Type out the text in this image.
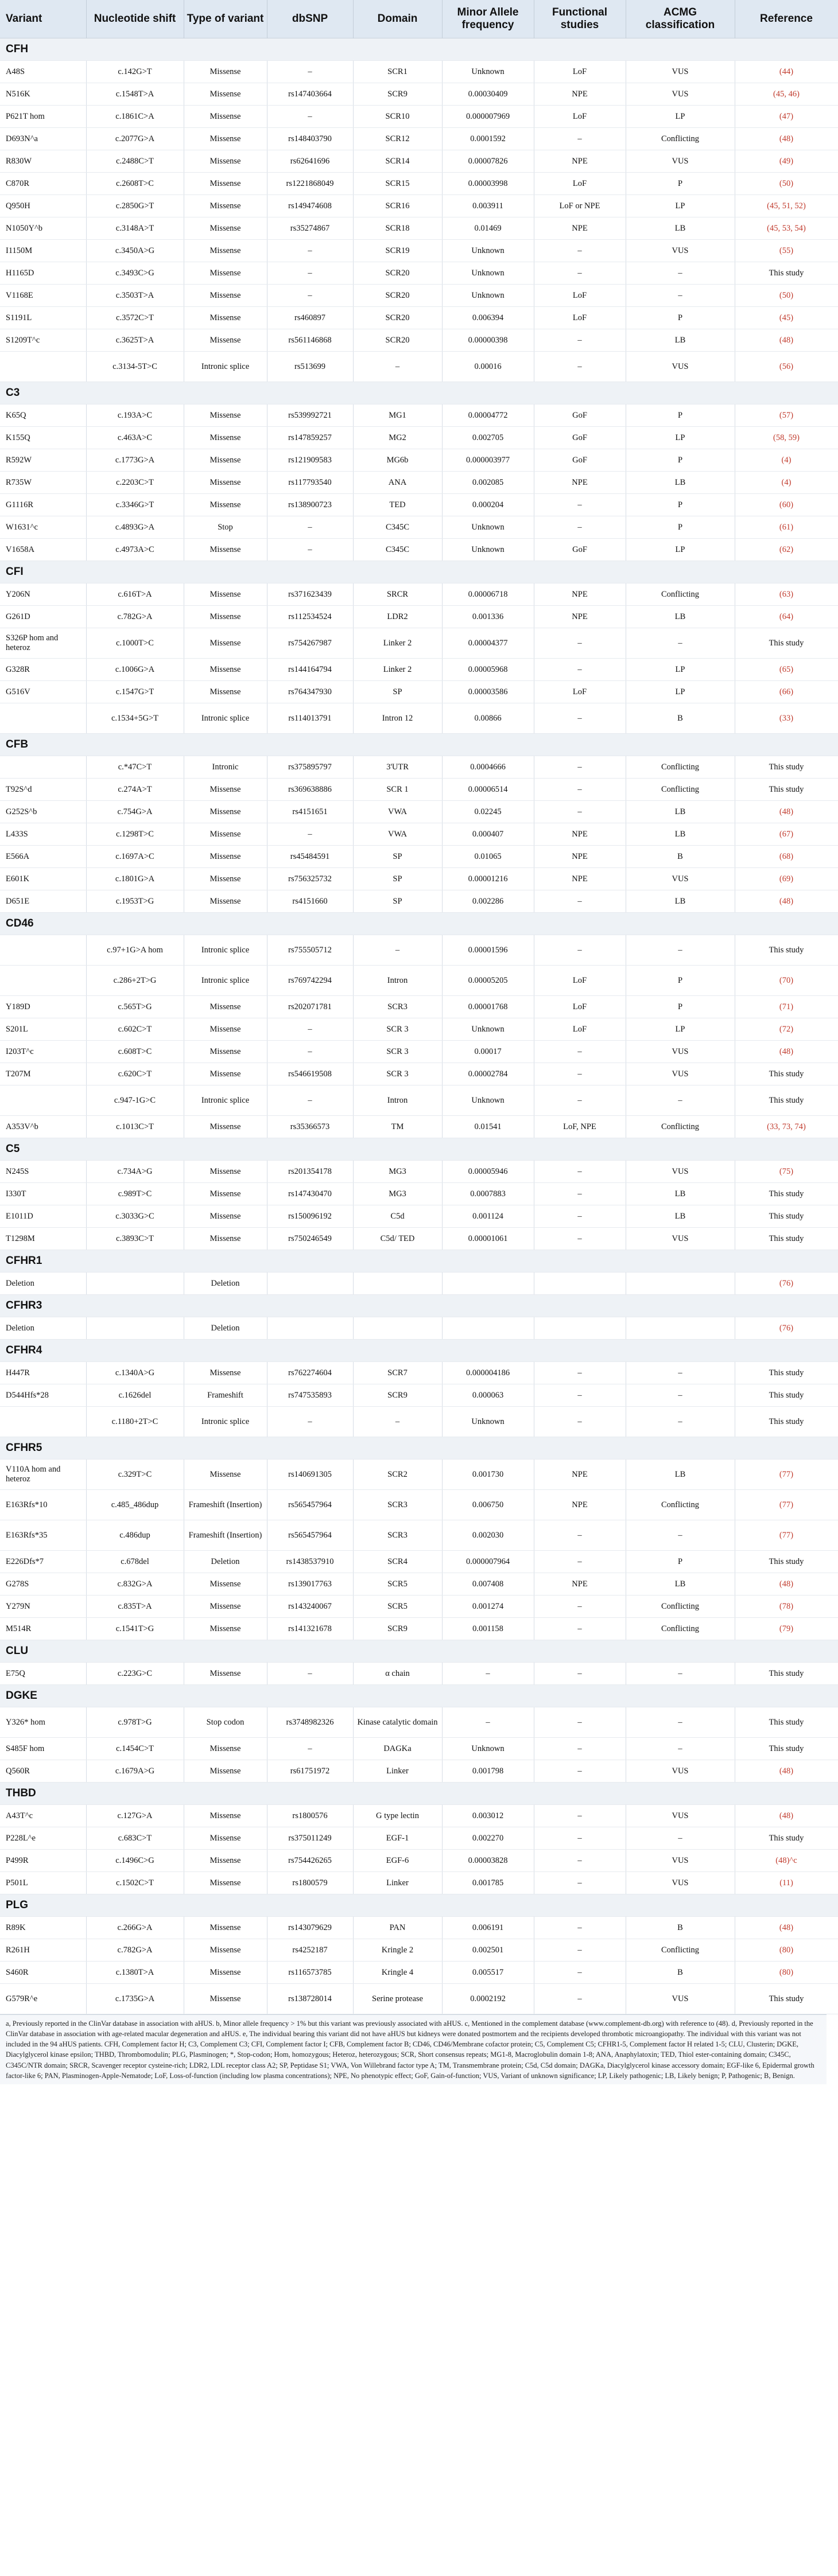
Variant	Nucleotide shift	Type of variant	dbSNP	Domain	Minor Allele frequency	Functional studies	ACMG classification	Reference
CFH								
A48S	c.142G>T	Missense	–	SCR1	Unknown	LoF	VUS	(44)
N516K	c.1548T>A	Missense	rs147403664	SCR9	0.00030409	NPE	VUS	(45, 46)
P621T hom	c.1861C>A	Missense	–	SCR10	0.000007969	LoF	LP	(47)
D693N^a	c.2077G>A	Missense	rs148403790	SCR12	0.0001592	–	Conflicting	(48)
R830W	c.2488C>T	Missense	rs62641696	SCR14	0.00007826	NPE	VUS	(49)
C870R	c.2608T>C	Missense	rs1221868049	SCR15	0.00003998	LoF	P	(50)
Q950H	c.2850G>T	Missense	rs149474608	SCR16	0.003911	LoF or NPE	LP	(45, 51, 52)
N1050Y^b	c.3148A>T	Missense	rs35274867	SCR18	0.01469	NPE	LB	(45, 53, 54)
I1150M	c.3450A>G	Missense	–	SCR19	Unknown	–	VUS	(55)
H1165D	c.3493C>G	Missense	–	SCR20	Unknown	–	–	This study
V1168E	c.3503T>A	Missense	–	SCR20	Unknown	LoF	–	(50)
S1191L	c.3572C>T	Missense	rs460897	SCR20	0.006394	LoF	P	(45)
S1209T^c	c.3625T>A	Missense	rs561146868	SCR20	0.00000398	–	LB	(48)
	c.3134-5T>C	Intronic splice	rs513699	–	0.00016	–	VUS	(56)
C3								
K65Q	c.193A>C	Missense	rs539992721	MG1	0.00004772	GoF	P	(57)
K155Q	c.463A>C	Missense	rs147859257	MG2	0.002705	GoF	LP	(58, 59)
R592W	c.1773G>A	Missense	rs121909583	MG6b	0.000003977	GoF	P	(4)
R735W	c.2203C>T	Missense	rs117793540	ANA	0.002085	NPE	LB	(4)
G1116R	c.3346G>T	Missense	rs138900723	TED	0.000204	–	P	(60)
W1631^c	c.4893G>A	Stop	–	C345C	Unknown	–	P	(61)
V1658A	c.4973A>C	Missense	–	C345C	Unknown	GoF	LP	(62)
CFI								
Y206N	c.616T>A	Missense	rs371623439	SRCR	0.00006718	NPE	Conflicting	(63)
G261D	c.782G>A	Missense	rs112534524	LDR2	0.001336	NPE	LB	(64)
S326P hom and heteroz	c.1000T>C	Missense	rs754267987	Linker 2	0.00004377	–	–	This study
G328R	c.1006G>A	Missense	rs144164794	Linker 2	0.00005968	–	LP	(65)
G516V	c.1547G>T	Missense	rs764347930	SP	0.00003586	LoF	LP	(66)
	c.1534+5G>T	Intronic splice	rs114013791	Intron 12	0.00866	–	B	(33)
CFB								
	c.*47C>T	Intronic	rs375895797	3'UTR	0.0004666	–	Conflicting	This study
T92S^d	c.274A>T	Missense	rs369638886	SCR 1	0.00006514	–	Conflicting	This study
G252S^b	c.754G>A	Missense	rs4151651	VWA	0.02245	–	LB	(48)
L433S	c.1298T>C	Missense	–	VWA	0.000407	NPE	LB	(67)
E566A	c.1697A>C	Missense	rs45484591	SP	0.01065	NPE	B	(68)
E601K	c.1801G>A	Missense	rs756325732	SP	0.00001216	NPE	VUS	(69)
D651E	c.1953T>G	Missense	rs4151660	SP	0.002286	–	LB	(48)
CD46								
	c.97+1G>A hom	Intronic splice	rs755505712	–	0.00001596	–	–	This study
	c.286+2T>G	Intronic splice	rs769742294	Intron	0.00005205	LoF	P	(70)
Y189D	c.565T>G	Missense	rs202071781	SCR3	0.00001768	LoF	P	(71)
S201L	c.602C>T	Missense	–	SCR 3	Unknown	LoF	LP	(72)
I203T^c	c.608T>C	Missense	–	SCR 3	0.00017	–	VUS	(48)
T207M	c.620C>T	Missense	rs546619508	SCR 3	0.00002784	–	VUS	This study
	c.947-1G>C	Intronic splice	–	Intron	Unknown	–	–	This study
A353V^b	c.1013C>T	Missense	rs35366573	TM	0.01541	LoF, NPE	Conflicting	(33, 73, 74)
C5								
N245S	c.734A>G	Missense	rs201354178	MG3	0.00005946	–	VUS	(75)
I330T	c.989T>C	Missense	rs147430470	MG3	0.0007883	–	LB	This study
E1011D	c.3033G>C	Missense	rs150096192	C5d	0.001124	–	LB	This study
T1298M	c.3893C>T	Missense	rs750246549	C5d/ TED	0.00001061	–	VUS	This study
CFHR1								
Deletion		Deletion						(76)
CFHR3								
Deletion		Deletion						(76)
CFHR4								
H447R	c.1340A>G	Missense	rs762274604	SCR7	0.000004186	–	–	This study
D544Hfs*28	c.1626del	Frameshift	rs747535893	SCR9	0.000063	–	–	This study
	c.1180+2T>C	Intronic splice	–	–	Unknown	–	–	This study
CFHR5								
V110A hom and heteroz	c.329T>C	Missense	rs140691305	SCR2	0.001730	NPE	LB	(77)
E163Rfs*10	c.485_486dup	Frameshift (Insertion)	rs565457964	SCR3	0.006750	NPE	Conflicting	(77)
E163Rfs*35	c.486dup	Frameshift (Insertion)	rs565457964	SCR3	0.002030	–	–	(77)
E226Dfs*7	c.678del	Deletion	rs1438537910	SCR4	0.000007964	–	P	This study
G278S	c.832G>A	Missense	rs139017763	SCR5	0.007408	NPE	LB	(48)
Y279N	c.835T>A	Missense	rs143240067	SCR5	0.001274	–	Conflicting	(78)
M514R	c.1541T>G	Missense	rs141321678	SCR9	0.001158	–	Conflicting	(79)
CLU								
E75Q	c.223G>C	Missense	–	α chain	–	–	–	This study
DGKE								
Y326* hom	c.978T>G	Stop codon	rs374898232​6	Kinase catalytic domain	–	–	–	This study
S485F hom	c.1454C>T	Missense	–	DAGKa	Unknown	–	–	This study
Q560R	c.1679A>G	Missense	rs61751972	Linker	0.001798	–	VUS	(48)
THBD								
A43T^c	c.127G>A	Missense	rs1800576	G type lectin	0.003012	–	VUS	(48)
P228L^e	c.683C>T	Missense	rs375011249	EGF-1	0.002270	–	–	This study
P499R	c.1496C>G	Missense	rs754426265	EGF-6	0.00003828	–	VUS	(48)^c
P501L	c.1502C>T	Missense	rs1800579	Linker	0.001785	–	VUS	(11)
PLG								
R89K	c.266G>A	Missense	rs143079629	PAN	0.006191	–	B	(48)
R261H	c.782G>A	Missense	rs4252187	Kringle 2	0.002501	–	Conflicting	(80)
S460R	c.1380T>A	Missense	rs116573785	Kringle 4	0.005517	–	B	(80)
G579R^e	c.1735G>A	Missense	rs138728014	Serine protease	0.0002192	–	VUS	This study
a, Previously reported in the ClinVar database in association with aHUS. b, Minor allele frequency > 1% but this variant was previously associated with aHUS. c, Mentioned in the complement database (www.complement-db.org) with reference to (48). d, Previously reported in the ClinVar database in association with age-related macular degeneration and aHUS. e, The individual bearing this variant did not have aHUS but kidneys were donated postmortem and the recipients developed thrombotic microangiopathy. The individual with this variant was not included in the 94 aHUS patients. CFH, Complement factor H; C3, Complement C3; CFI, Complement factor I; CFB, Complement factor B; CD46, CD46/Membrane cofactor protein; C5, Complement C5; CFHR1-5, Complement factor H related 1-5; CLU, Clusterin; DGKE, Diacylglycerol kinase epsilon; THBD, Thrombomodulin; PLG, Plasminogen; *, Stop-codon; Hom, homozygous; Heteroz, heterozygous; SCR, Short consensus repeats; MG1-8, Macroglobulin domain 1-8; ANA, Anaphylatoxin; TED, Thiol ester-containing domain; C345C, C345C/NTR domain; SRCR, Scavenger receptor cysteine-rich; LDR2, LDL receptor class A2; SP, Peptidase S1; VWA, Von Willebrand factor type A; TM, Transmembrane protein; C5d, C5d domain; DAGKa, Diacylglycerol kinase accessory domain; EGF-like 6, Epidermal growth factor-like 6; PAN, Plasminogen-Apple-Nematode; LoF, Loss-of-function (including low plasma concentrations); NPE, No phenotypic effect; GoF, Gain-of-function; VUS, Variant of unknown significance; LP, Likely pathogenic; LB, Likely benign; P, Pathogenic; B, Benign.
